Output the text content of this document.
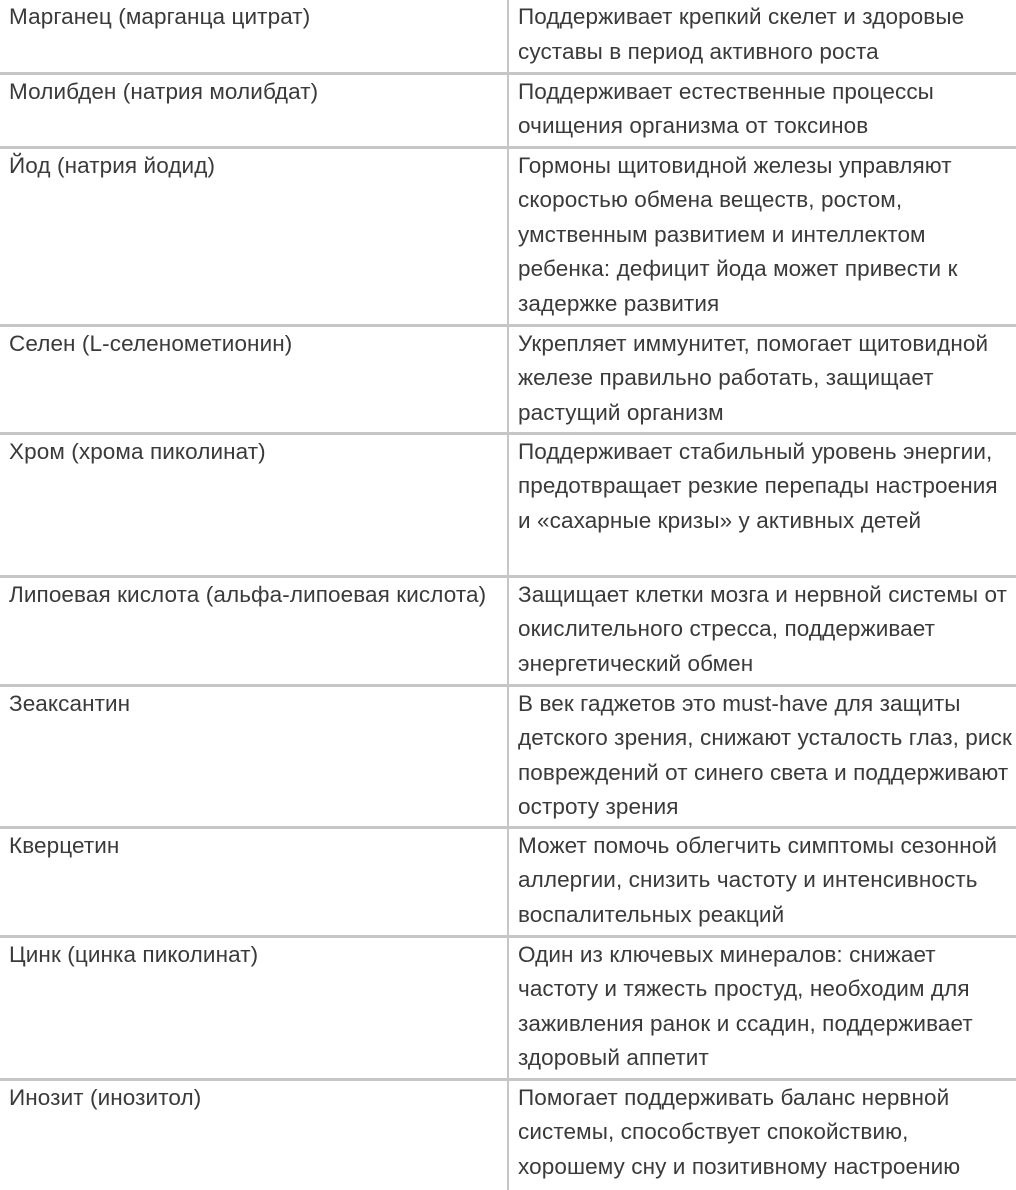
Марганец (марганца цитрат)	Поддерживает крепкий скелет и здоровые суставы в период активного роста

Молибден (натрия молибдат)	Поддерживает естественные процессы очищения организма от токсинов

Йод (натрия йодид)	Гормоны щитовидной железы управляют скоростью обмена веществ, ростом, умственным развитием и интеллектом ребенка: дефицит йода может привести к задержке развития

Селен (L-селенометионин)	Укрепляет иммунитет, помогает щитовидной железе правильно работать, защищает растущий организм

Хром (хрома пиколинат)	Поддерживает стабильный уровень энергии, предотвращает резкие перепады настроения и «сахарные кризы» у активных детей

Липоевая кислота (альфа-липоевая кислота)	Защищает клетки мозга и нервной системы от окислительного стресса, поддерживает энергетический обмен

Зеаксантин	В век гаджетов это must-have для защиты детского зрения, снижают усталость глаз, риск повреждений от синего света и поддерживают остроту зрения

Кверцетин	Может помочь облегчить симптомы сезонной аллергии, снизить частоту и интенсивность воспалительных реакций

Цинк (цинка пиколинат)	Один из ключевых минералов: снижает частоту и тяжесть простуд, необходим для заживления ранок и ссадин, поддерживает здоровый аппетит

Инозит (инозитол)	Помогает поддерживать баланс нервной системы, способствует спокойствию, хорошему сну и позитивному настроению
